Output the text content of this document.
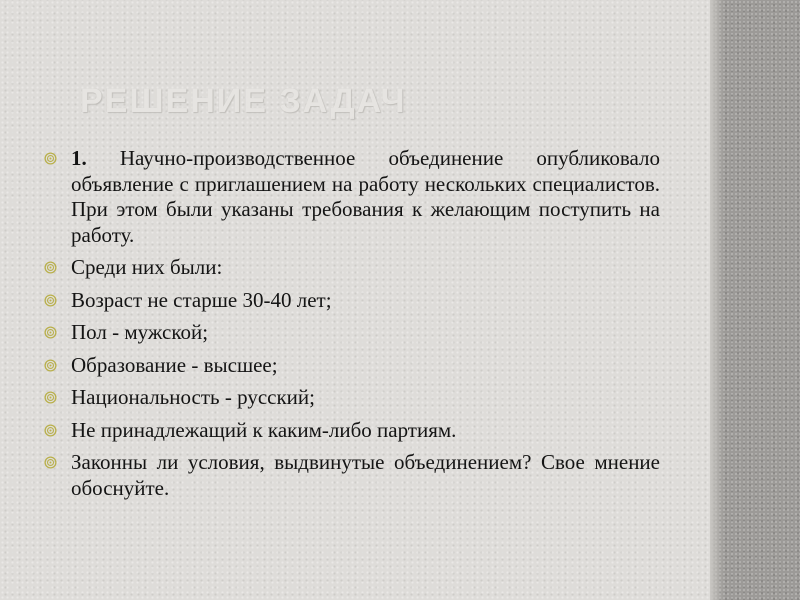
РЕШЕНИЕ ЗАДАЧ
1. Научно-производственное объединение опубликовало объявление с приглашением на работу нескольких специалистов. При этом были указаны требования к желающим поступить на работу.
Среди них были:
Возраст не старше 30-40 лет;
Пол - мужской;
Образование - высшее;
Национальность - русский;
Не принадлежащий к каким-либо партиям.
Законны ли условия, выдвинутые объединением? Свое мнение обоснуйте.
